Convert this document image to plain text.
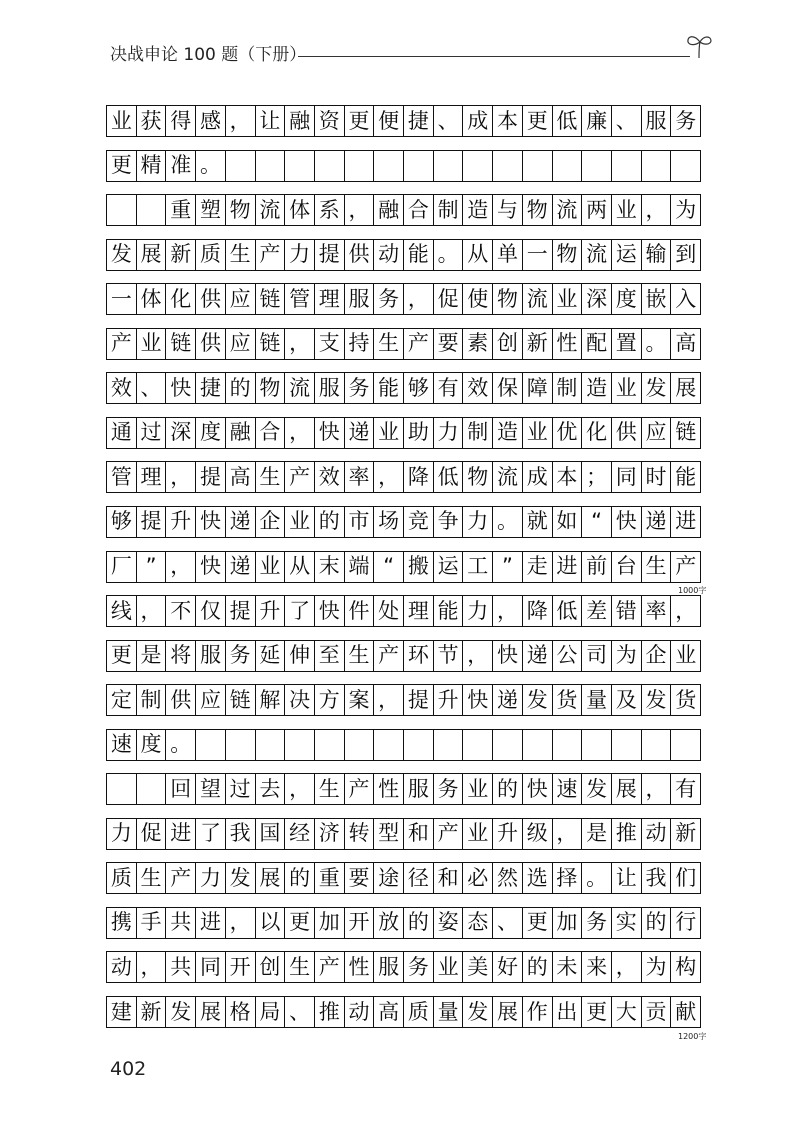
决战申论 100 题（下册）
业 获 得 感 ， 让 融 资 更 便 捷 、 成 本 更 低 廉 、 服 务
更 精 准 。
重 塑 物 流 体 系 ， 融 合 制 造 与 物 流 两 业 ， 为
发 展 新 质 生 产 力 提 供 动 能 。 从 单 一 物 流 运 输 到
一 体 化 供 应 链 管 理 服 务 ， 促 使 物 流 业 深 度 嵌 入
产 业 链 供 应 链 ， 支 持 生 产 要 素 创 新 性 配 置 。 高
效 、 快 捷 的 物 流 服 务 能 够 有 效 保 障 制 造 业 发 展
通 过 深 度 融 合 ， 快 递 业 助 力 制 造 业 优 化 供 应 链
管 理 ， 提 高 生 产 效 率 ， 降 低 物 流 成 本 ； 同 时 能
够 提 升 快 递 企 业 的 市 场 竞 争 力 。 就 如 “ 快 递 进
厂 ” ， 快 递 业 从 末 端 “ 搬 运 工 ” 走 进 前 台 生 产
线 ， 不 仅 提 升 了 快 件 处 理 能 力 ， 降 低 差 错 率 ，
更 是 将 服 务 延 伸 至 生 产 环 节 ， 快 递 公 司 为 企 业
定 制 供 应 链 解 决 方 案 ， 提 升 快 递 发 货 量 及 发 货
速 度 。
回 望 过 去 ， 生 产 性 服 务 业 的 快 速 发 展 ， 有
力 促 进 了 我 国 经 济 转 型 和 产 业 升 级 ， 是 推 动 新
质 生 产 力 发 展 的 重 要 途 径 和 必 然 选 择 。 让 我 们
携 手 共 进 ， 以 更 加 开 放 的 姿 态 、 更 加 务 实 的 行
动 ， 共 同 开 创 生 产 性 服 务 业 美 好 的 未 来 ， 为 构
建 新 发 展 格 局 、 推 动 高 质 量 发 展 作 出 更 大 贡 献
1000字
1200字
402
